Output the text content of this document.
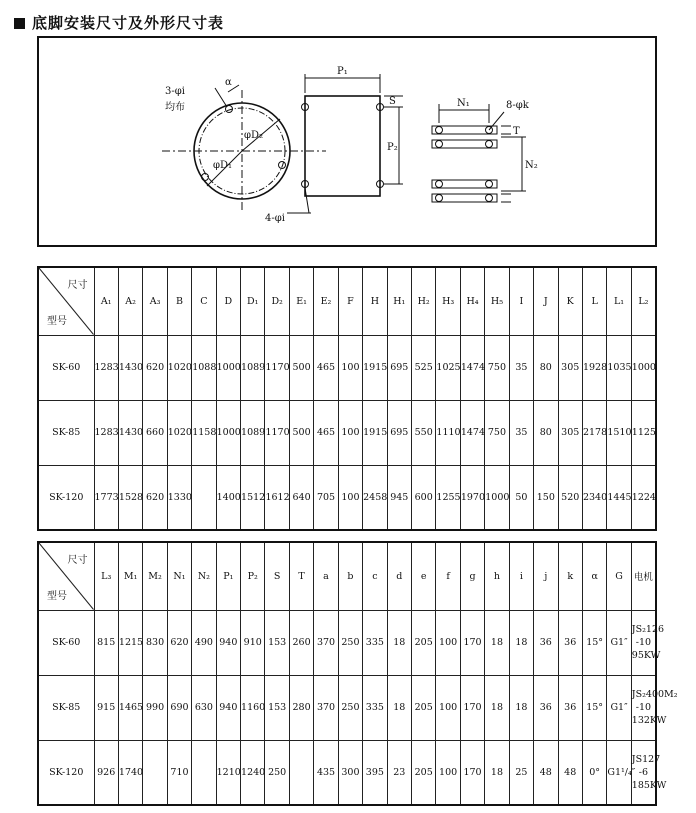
底脚安装尺寸及外形尺寸表
3-φi
均布
α
φD₂
φD₁
P₁
P₂
S
4-φi
N₁	8-φk
N₂
T
尺寸
型号	A₁	A₂	A₃	B	C	D	D₁	D₂	E₁	E₂	F	H	H₁	H₂	H₃	H₄	H₅	I	J	K	L	L₁	L₂
SK-60	1283	1430	620	1020	1088	1000	1089	1170	500	465	100	1915	695	525	1025	1474	750	35	80	305	1928	1035	1000
SK-85	1283	1430	660	1020	1158	1000	1089	1170	500	465	100	1915	695	550	1110	1474	750	35	80	305	2178	1510	1125
SK-120	1773	1528	620	1330		1400	1512	1612	640	705	100	2458	945	600	1255	1970	1000	50	150	520	2340	1445	1224
尺寸
型号	L₃	M₁	M₂	N₁	N₂	P₁	P₂	S	T	a	b	c	d	e	f	g	h	i	j	k	α	G	电机
SK-60	815	1215	830	620	490	940	910	153	260	370	250	335	18	205	100	170	18	18	36	36	15°	G1″	JS₂126 -10 95KW
SK-85	915	1465	990	690	630	940	1160	153	280	370	250	335	18	205	100	170	18	18	36	36	15°	G1″	JS₂400M₂ -10 132KW
SK-120	926	1740		710		1210	1240	250		435	300	395	23	205	100	170	18	25	48	48	0°	G1¹/₄″	JS127 -6 185KW
